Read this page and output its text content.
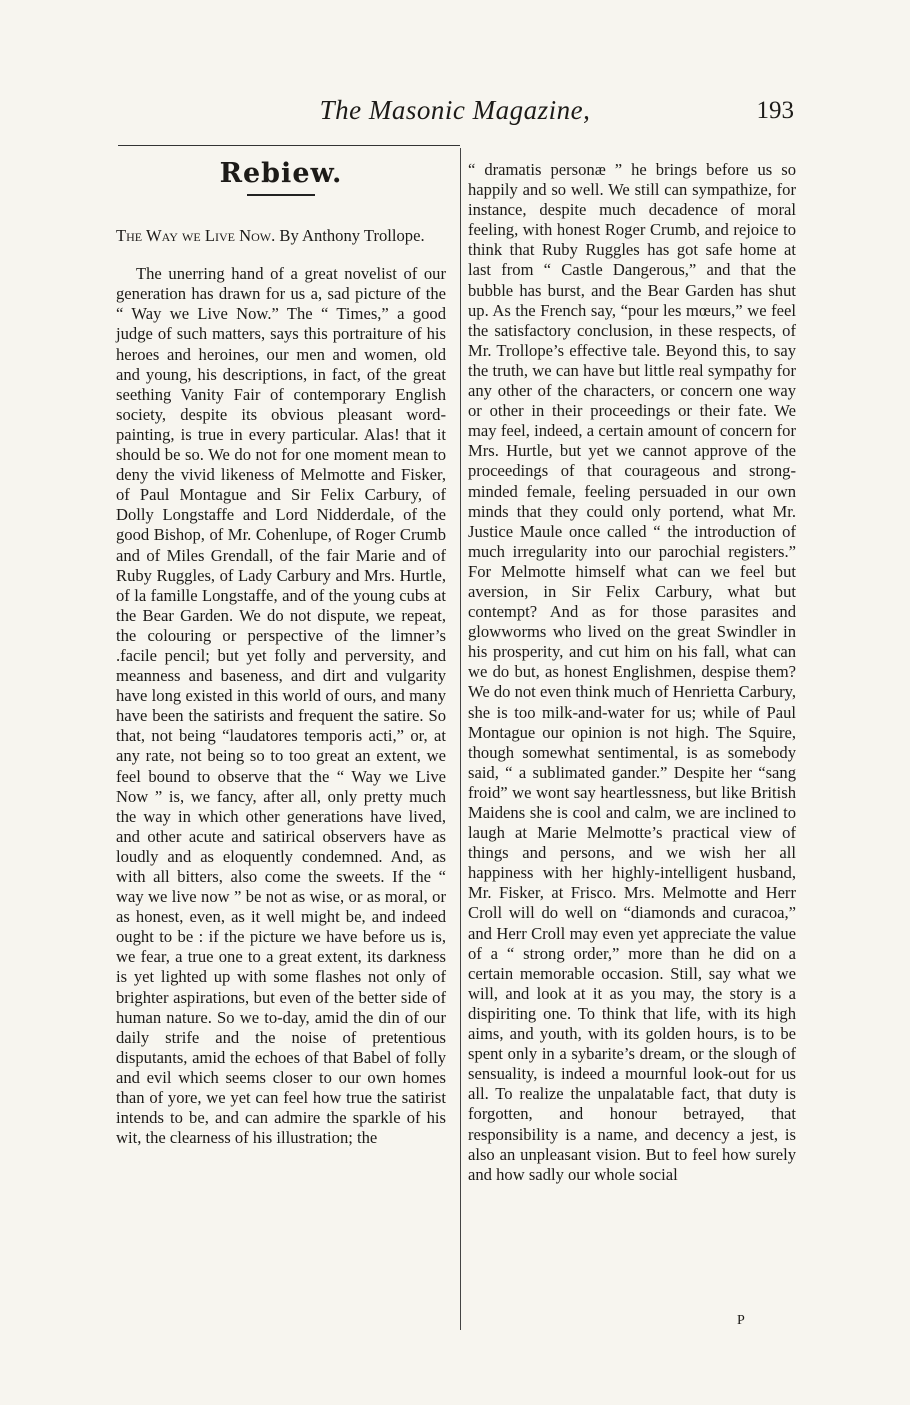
The Masonic Magazine,	193
Rebiew.

The Way we Live Now. By Anthony Trollope.

The unerring hand of a great novelist of our generation has drawn for us a, sad picture of the “ Way we Live Now.” The “ Times,” a good judge of such matters, says this portraiture of his heroes and heroines, our men and women, old and young, his descriptions, in fact, of the great seething Vanity Fair of contemporary English society, despite its obvious pleasant word-painting, is true in every particular. Alas! that it should be so. We do not for one moment mean to deny the vivid likeness of Melmotte and Fisker, of Paul Montague and Sir Felix Carbury, of Dolly Longstaffe and Lord Nidderdale, of the good Bishop, of Mr. Cohenlupe, of Roger Crumb and of Miles Grendall, of the fair Marie and of Ruby Ruggles, of Lady Carbury and Mrs. Hurtle, of la famille Longstaffe, and of the young cubs at the Bear Garden. We do not dispute, we repeat, the colouring or perspective of the limner’s .facile pencil; but yet folly and perversity, and meanness and baseness, and dirt and vulgarity have long existed in this world of ours, and many have been the satirists and frequent the satire. So that, not being “laudatores temporis acti,” or, at any rate, not being so to too great an extent, we feel bound to observe that the “ Way we Live Now ” is, we fancy, after all, only pretty much the way in which other generations have lived, and other acute and satirical observers have as loudly and as eloquently condemned. And, as with all bitters, also come the sweets. If the “ way we live now ” be not as wise, or as moral, or as honest, even, as it well might be, and indeed ought to be : if the picture we have before us is, we fear, a true one to a great extent, its darkness is yet lighted up with some flashes not only of brighter aspirations, but even of the better side of human nature. So we to-day, amid the din of our daily strife and the noise of pretentious disputants, amid the echoes of that Babel of folly and evil which seems closer to our own homes than of yore, we yet can feel how true the satirist intends to be, and can admire the sparkle of his wit, the clearness of his illustration; the

“ dramatis personæ ” he brings before us so happily and so well. We still can sympathize, for instance, despite much decadence of moral feeling, with honest Roger Crumb, and rejoice to think that Ruby Ruggles has got safe home at last from “ Castle Dangerous,” and that the bubble has burst, and the Bear Garden has shut up. As the French say, “pour les mœurs,” we feel the satisfactory conclusion, in these respects, of Mr. Trollope’s effective tale. Beyond this, to say the truth, we can have but little real sympathy for any other of the characters, or concern one way or other in their proceedings or their fate. We may feel, indeed, a certain amount of concern for Mrs. Hurtle, but yet we cannot approve of the proceedings of that courageous and strong-minded female, feeling persuaded in our own minds that they could only portend, what Mr. Justice Maule once called “ the introduction of much irregularity into our parochial registers.” For Melmotte himself what can we feel but aversion, in Sir Felix Carbury, what but contempt? And as for those parasites and glowworms who lived on the great Swindler in his prosperity, and cut him on his fall, what can we do but, as honest Englishmen, despise them? We do not even think much of Henrietta Carbury, she is too milk-and-water for us; while of Paul Montague our opinion is not high. The Squire, though somewhat sentimental, is as somebody said, “ a sublimated gander.” Despite her “sang froid” we wont say heartlessness, but like British Maidens she is cool and calm, we are inclined to laugh at Marie Melmotte’s practical view of things and persons, and we wish her all happiness with her highly-intelligent husband, Mr. Fisker, at Frisco. Mrs. Melmotte and Herr Croll will do well on “diamonds and curacoa,” and Herr Croll may even yet appreciate the value of a “ strong order,” more than he did on a certain memorable occasion. Still, say what we will, and look at it as you may, the story is a dispiriting one. To think that life, with its high aims, and youth, with its golden hours, is to be spent only in a sybarite’s dream, or the slough of sensuality, is indeed a mournful look-out for us all. To realize the unpalatable fact, that duty is forgotten, and honour betrayed, that responsibility is a name, and decency a jest, is also an unpleasant vision. But to feel how surely and how sadly our whole social

P
